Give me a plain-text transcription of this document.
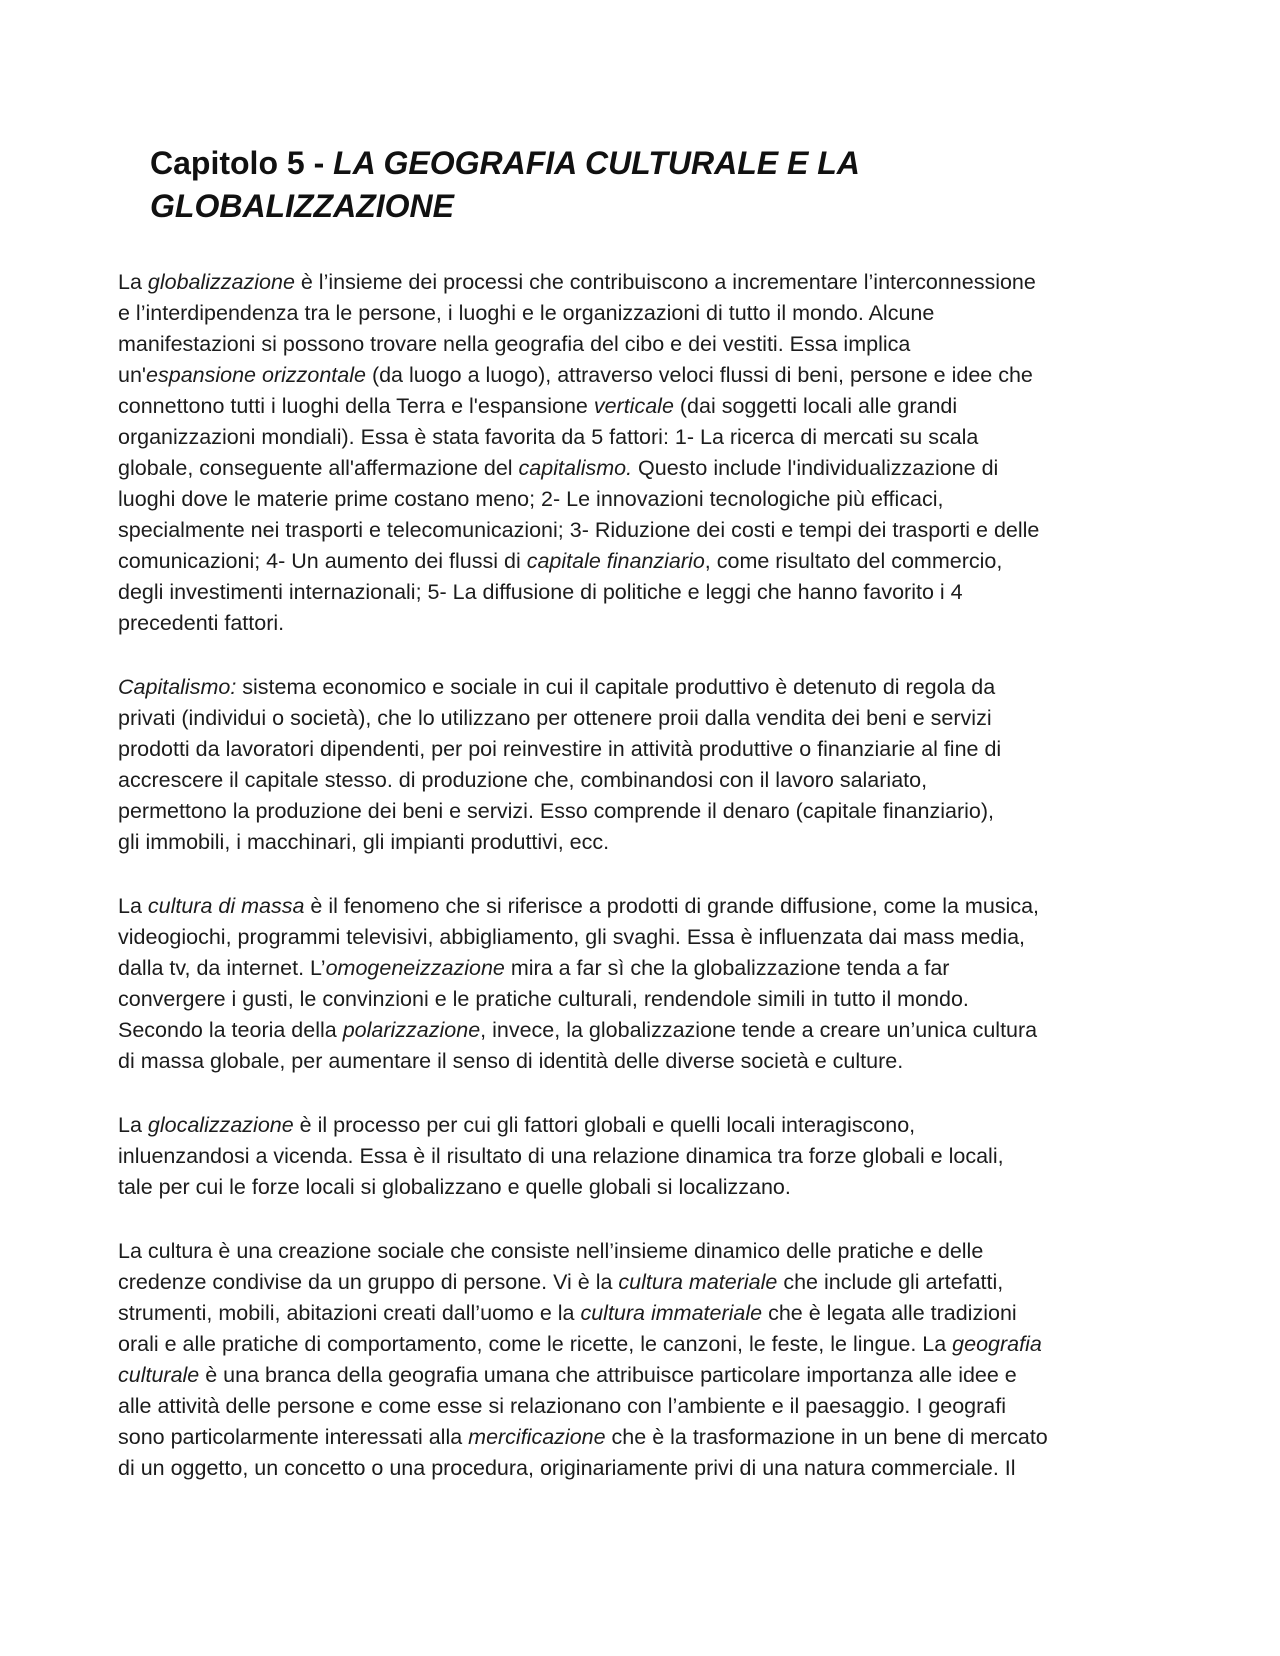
Capitolo 5 - LA GEOGRAFIA CULTURALE E LA
GLOBALIZZAZIONE

La globalizzazione è l’insieme dei processi che contribuiscono a incrementare l’interconnessione
e l’interdipendenza tra le persone, i luoghi e le organizzazioni di tutto il mondo. Alcune
manifestazioni si possono trovare nella geografia del cibo e dei vestiti. Essa implica
un'espansione orizzontale (da luogo a luogo), attraverso veloci flussi di beni, persone e idee che
connettono tutti i luoghi della Terra e l'espansione verticale (dai soggetti locali alle grandi
organizzazioni mondiali). Essa è stata favorita da 5 fattori: 1- La ricerca di mercati su scala
globale, conseguente all'affermazione del capitalismo. Questo include l'individualizzazione di
luoghi dove le materie prime costano meno; 2- Le innovazioni tecnologiche più efficaci,
specialmente nei trasporti e telecomunicazioni; 3- Riduzione dei costi e tempi dei trasporti e delle
comunicazioni; 4- Un aumento dei flussi di capitale finanziario, come risultato del commercio,
degli investimenti internazionali; 5- La diffusione di politiche e leggi che hanno favorito i 4
precedenti fattori.

Capitalismo: sistema economico e sociale in cui il capitale produttivo è detenuto di regola da
privati (individui o società), che lo utilizzano per ottenere proii dalla vendita dei beni e servizi
prodotti da lavoratori dipendenti, per poi reinvestire in attività produttive o finanziarie al fine di
accrescere il capitale stesso. di produzione che, combinandosi con il lavoro salariato,
permettono la produzione dei beni e servizi. Esso comprende il denaro (capitale finanziario),
gli immobili, i macchinari, gli impianti produttivi, ecc.

La cultura di massa è il fenomeno che si riferisce a prodotti di grande diffusione, come la musica,
videogiochi, programmi televisivi, abbigliamento, gli svaghi. Essa è influenzata dai mass media,
dalla tv, da internet. L’omogeneizzazione mira a far sì che la globalizzazione tenda a far
convergere i gusti, le convinzioni e le pratiche culturali, rendendole simili in tutto il mondo.
Secondo la teoria della polarizzazione, invece, la globalizzazione tende a creare un’unica cultura
di massa globale, per aumentare il senso di identità delle diverse società e culture.

La glocalizzazione è il processo per cui gli fattori globali e quelli locali interagiscono,
inluenzandosi a vicenda. Essa è il risultato di una relazione dinamica tra forze globali e locali,
tale per cui le forze locali si globalizzano e quelle globali si localizzano.

La cultura è una creazione sociale che consiste nell’insieme dinamico delle pratiche e delle
credenze condivise da un gruppo di persone. Vi è la cultura materiale che include gli artefatti,
strumenti, mobili, abitazioni creati dall’uomo e la cultura immateriale che è legata alle tradizioni
orali e alle pratiche di comportamento, come le ricette, le canzoni, le feste, le lingue. La geografia
culturale è una branca della geografia umana che attribuisce particolare importanza alle idee e
alle attività delle persone e come esse si relazionano con l’ambiente e il paesaggio. I geografi
sono particolarmente interessati alla mercificazione che è la trasformazione in un bene di mercato
di un oggetto, un concetto o una procedura, originariamente privi di una natura commerciale. Il
